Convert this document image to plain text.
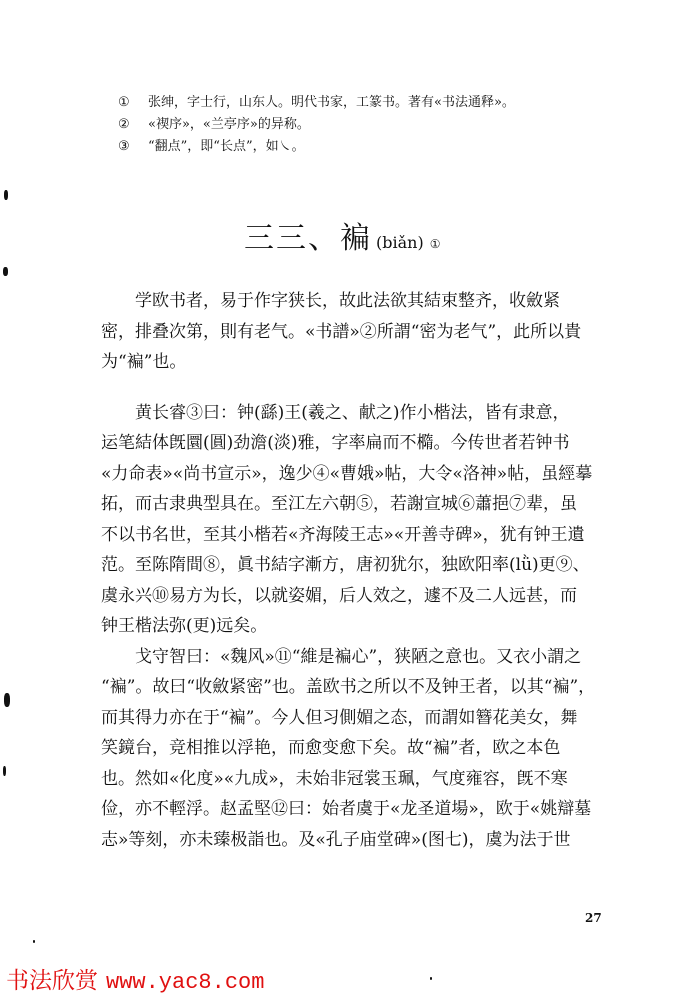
①	张绅，字士行，山东人。明代书家，工篆书。著有«书法通释»。
②	«禊序»，«兰亭序»的异称。
③	“翻点”，即“长点”，如㇏。
三三、褊 (biǎn) ①
学欧书者，易于作字狭长，故此法欲其結束整齐，收斂紧
密，排叠次第，則有老气。«书譜»②所謂“密为老气”，此所以貴
为“褊”也。
黄长睿③曰：钟(繇)王(羲之、献之)作小楷法，皆有隶意，
运笔結体旣圜(圓)劲澹(淡)雅，字率扁而不橢。今传世者若钟书
«力命表»«尚书宣示»，逸少④«曹娥»帖，大令«洛神»帖，虽經摹
拓，而古隶典型具在。至江左六朝⑤，若謝宣城⑥蕭挹⑦辈，虽
不以书名世，至其小楷若«齐海陵王志»«开善寺碑»，犹有钟王遺
范。至陈隋間⑧，眞书結字漸方，唐初犹尔，独欧阳率(lǜ)更⑨、
虞永兴⑩易方为长，以就姿媚，后人效之，遽不及二人远甚，而
钟王楷法弥(更)远矣。
戈守智曰：«魏风»⑪“維是褊心”，狭陋之意也。又衣小謂之
“褊”。故曰“收斂紧密”也。盖欧书之所以不及钟王者，以其“褊”，
而其得力亦在于“褊”。今人但习側媚之态，而謂如簪花美女，舞
笑鏡台，竞相推以浮艳，而愈变愈下矣。故“褊”者，欧之本色
也。然如«化度»«九成»，未始非冠裳玉珮，气度雍容，旣不寒
俭，亦不輕浮。赵孟堅⑫曰：始者虞于«龙圣道場»，欧于«姚辯墓
志»等刻，亦未臻极詣也。及«孔子庙堂碑»(图七)，虞为法于世
27
书法欣赏 www.yac8.com
